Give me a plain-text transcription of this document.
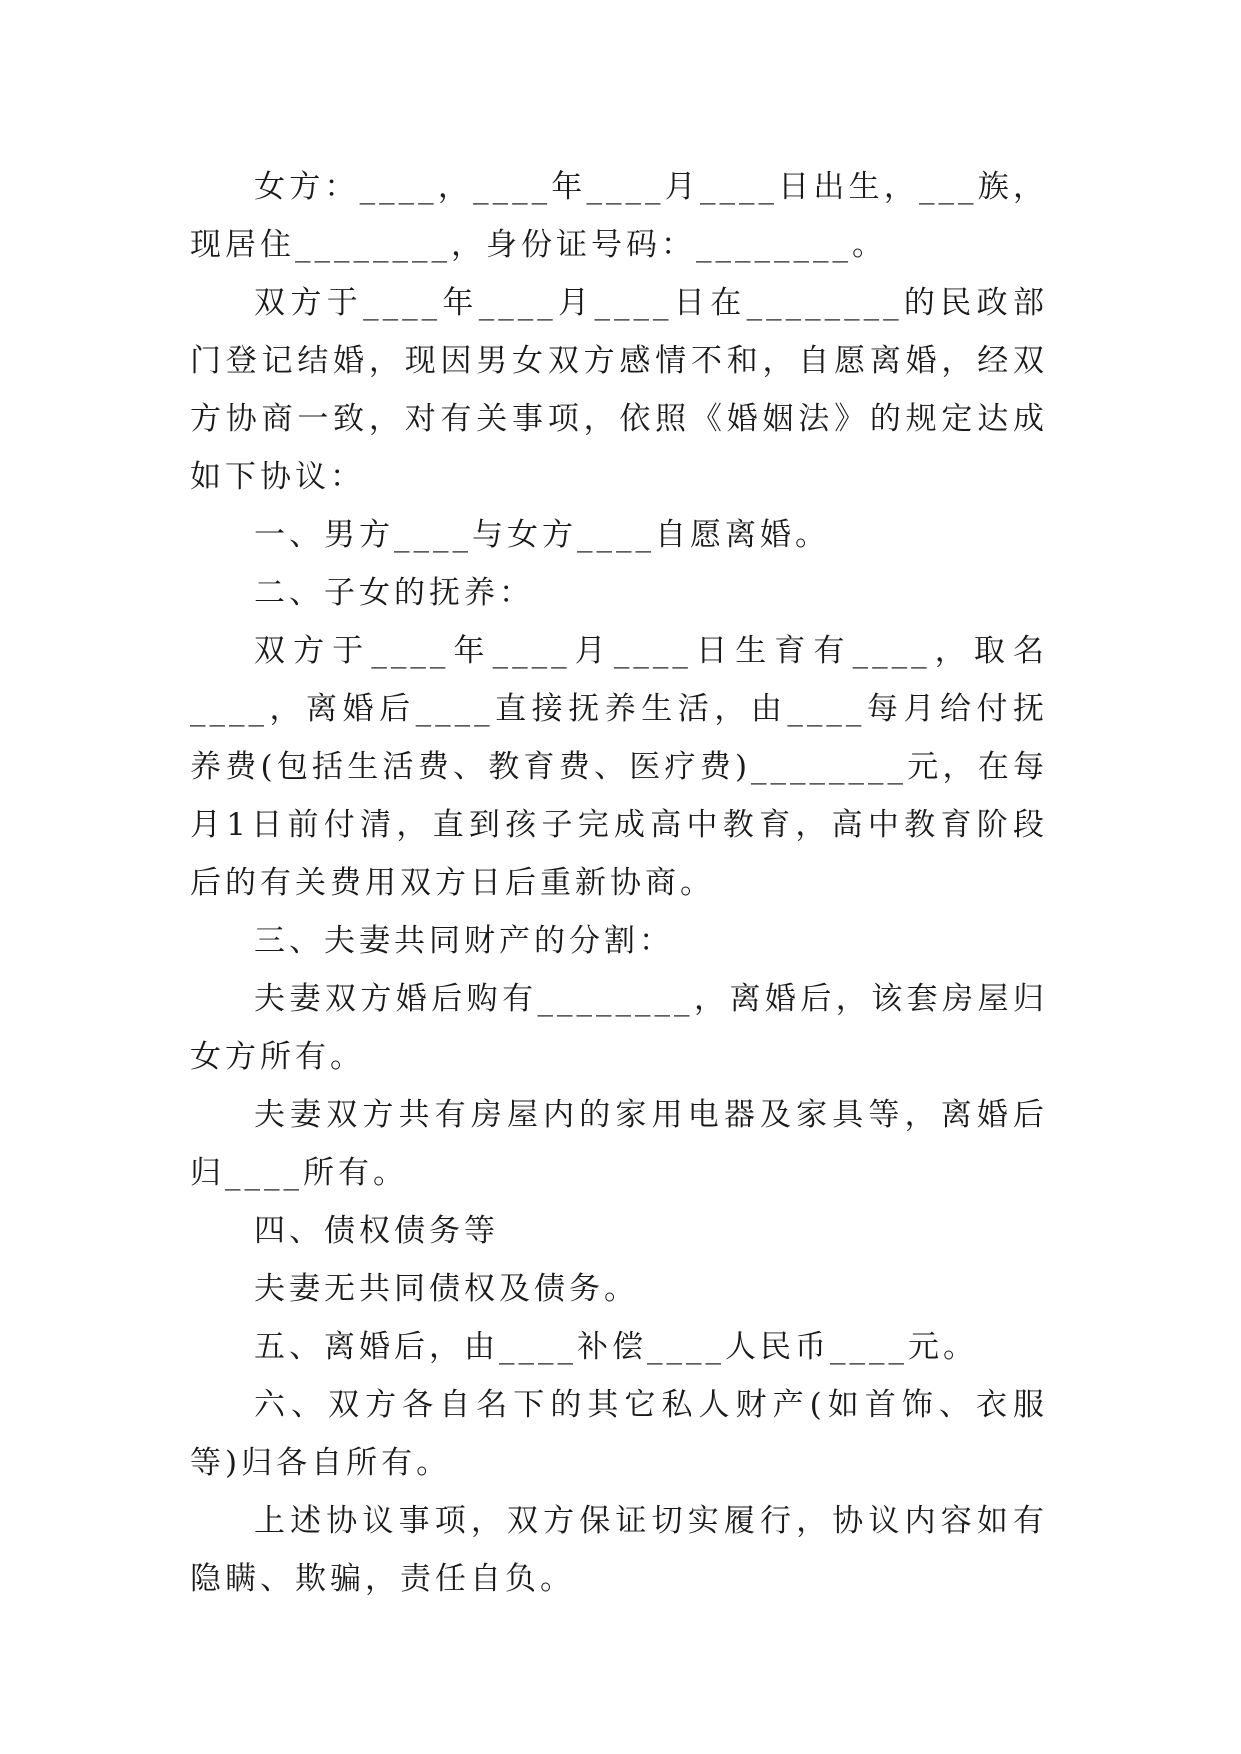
女方：____，____年____月____日出生，___族，现居住________，身份证号码：________。

双方于____年____月____日在________的民政部门登记结婚，现因男女双方感情不和，自愿离婚，经双方协商一致，对有关事项，依照《婚姻法》的规定达成如下协议：

一、男方____与女方____自愿离婚。

二、子女的抚养：

双方于____年____月____日生育有____，取名____，离婚后____直接抚养生活，由____每月给付抚养费(包括生活费、教育费、医疗费)________元，在每月1日前付清，直到孩子完成高中教育，高中教育阶段后的有关费用双方日后重新协商。

三、夫妻共同财产的分割：

夫妻双方婚后购有________，离婚后，该套房屋归女方所有。

夫妻双方共有房屋内的家用电器及家具等，离婚后归____所有。

四、债权债务等

夫妻无共同债权及债务。

五、离婚后，由____补偿____人民币____元。

六、双方各自名下的其它私人财产(如首饰、衣服等)归各自所有。

上述协议事项，双方保证切实履行，协议内容如有隐瞒、欺骗，责任自负。
